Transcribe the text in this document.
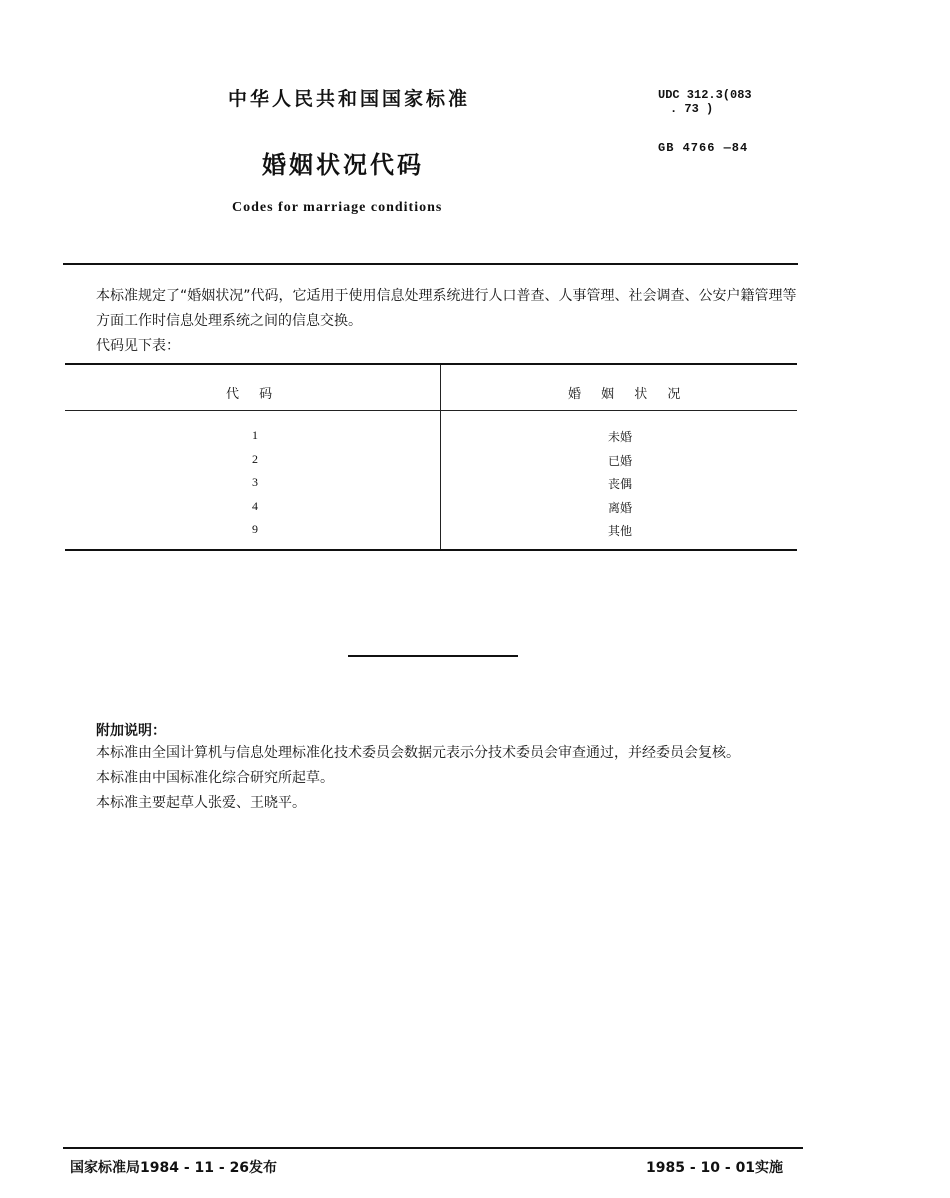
中华人民共和国国家标准	UDC 312.3(083
. 73 )
婚姻状况代码
GB 4766 —84
Codes for marriage conditions
本标准规定了“婚姻状况”代码，它适用于使用信息处理系统进行人口普查、人事管理、社会调查、公安户籍管理等方面工作时信息处理系统之间的信息交换。
代码见下表：
代 码	婚 姻 状 况
1	未婚
2	已婚
3	丧偶
4	离婚
9	其他
附加说明：
本标准由全国计算机与信息处理标准化技术委员会数据元表示分技术委员会审查通过，并经委员会复核。
本标准由中国标准化综合研究所起草。
本标准主要起草人张爱、王晓平。
国家标准局1984 - 11 - 26发布	1985 - 10 - 01实施
